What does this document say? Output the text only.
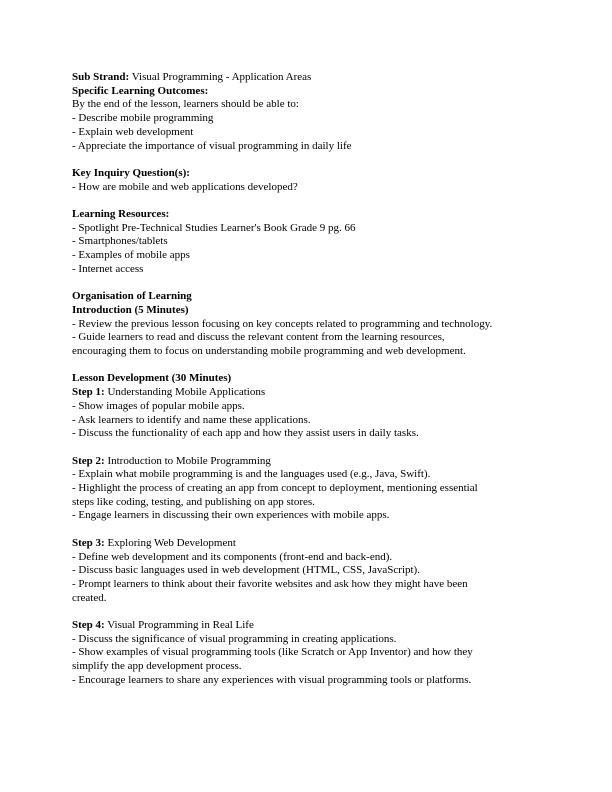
Sub Strand: Visual Programming - Application Areas
Specific Learning Outcomes:
By the end of the lesson, learners should be able to:
- Describe mobile programming
- Explain web development
- Appreciate the importance of visual programming in daily life
Key Inquiry Question(s):
- How are mobile and web applications developed?
Learning Resources:
- Spotlight Pre-Technical Studies Learner's Book Grade 9 pg. 66
- Smartphones/tablets
- Examples of mobile apps
- Internet access
Organisation of Learning
Introduction (5 Minutes)
- Review the previous lesson focusing on key concepts related to programming and technology.
- Guide learners to read and discuss the relevant content from the learning resources,
encouraging them to focus on understanding mobile programming and web development.
Lesson Development (30 Minutes)
Step 1: Understanding Mobile Applications
- Show images of popular mobile apps.
- Ask learners to identify and name these applications.
- Discuss the functionality of each app and how they assist users in daily tasks.
Step 2: Introduction to Mobile Programming
- Explain what mobile programming is and the languages used (e.g., Java, Swift).
- Highlight the process of creating an app from concept to deployment, mentioning essential
steps like coding, testing, and publishing on app stores.
- Engage learners in discussing their own experiences with mobile apps.
Step 3: Exploring Web Development
- Define web development and its components (front-end and back-end).
- Discuss basic languages used in web development (HTML, CSS, JavaScript).
- Prompt learners to think about their favorite websites and ask how they might have been
created.
Step 4: Visual Programming in Real Life
- Discuss the significance of visual programming in creating applications.
- Show examples of visual programming tools (like Scratch or App Inventor) and how they
simplify the app development process.
- Encourage learners to share any experiences with visual programming tools or platforms.
